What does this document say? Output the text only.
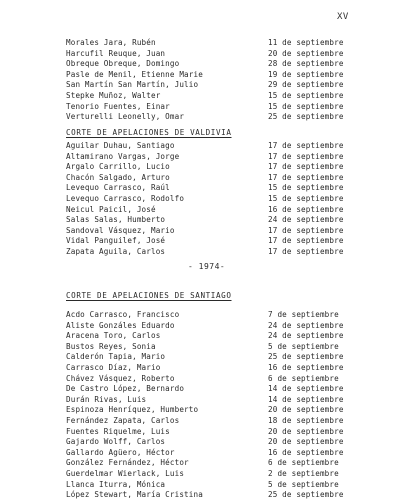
XV
Morales Jara, Rubén	11 de septiembre
Harcufil Reuque, Juan	20 de septiembre
Obreque Obreque, Domingo	28 de septiembre
Pasle de Menil, Etienne Marie	19 de septiembre
San Martín San Martín, Julio	29 de septiembre
Stepke Muñoz, Walter	15 de septiembre
Tenorio Fuentes, Einar	15 de septiembre
Verturelli Leonelly, Omar	25 de septiembre
CORTE DE APELACIONES DE VALDIVIA
Aguilar Duhau, Santiago	17 de septiembre
Altamirano Vargas, Jorge	17 de septiembre
Argalo Carrillo, Lucio	17 de septiembre
Chacón Salgado, Arturo	17 de septiembre
Levequo Carrasco, Raúl	15 de septiembre
Levequo Carrasco, Rodolfo	15 de septiembre
Neicul Paicil, José	16 de septiembre
Salas Salas, Humberto	24 de septiembre
Sandoval Vásquez, Mario	17 de septiembre
Vidal Panguilef, José	17 de septiembre
Zapata Aguila, Carlos	17 de septiembre
- 1974-
CORTE DE APELACIONES DE SANTIAGO
Acdo Carrasco, Francisco	7 de septiembre
Aliste Gonzáles Eduardo	24 de septiembre
Aracena Toro, Carlos	24 de septiembre
Bustos Reyes, Sonia	5 de septiembre
Calderón Tapia, Mario	25 de septiembre
Carrasco Díaz, Mario	16 de septiembre
Chávez Vásquez, Roberto	6 de septiembre
De Castro López, Bernardo	14 de septiembre
Durán Rivas, Luis	14 de septiembre
Espinoza Henríquez, Humberto	20 de septiembre
Fernández Zapata, Carlos	18 de septiembre
Fuentes Riquelme, Luis	20 de septiembre
Gajardo Wolff, Carlos	20 de septiembre
Gallardo Agüero, Héctor	16 de septiembre
González Fernández, Héctor	6 de septiembre
Guerdelmar Wierlack, Luis	2 de septiembre
Llanca Iturra, Mónica	5 de septiembre
López Stewart, María Cristina	25 de septiembre
